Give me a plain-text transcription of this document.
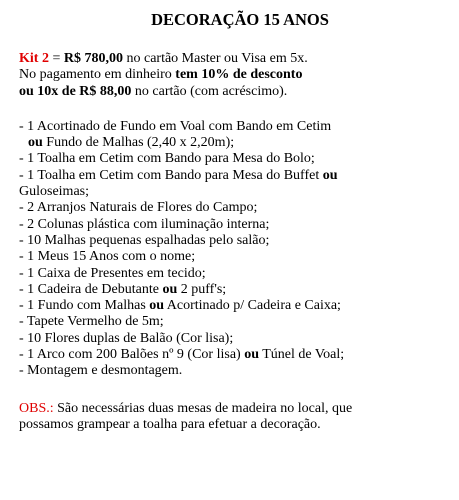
DECORAÇÃO 15 ANOS
Kit 2 = R$ 780,00 no cartão Master ou Visa em 5x.
No pagamento em dinheiro tem 10% de desconto
ou 10x de R$ 88,00 no cartão (com acréscimo).
- 1 Acortinado de Fundo em Voal com Bando em Cetim
ou Fundo de Malhas (2,40 x 2,20m);
- 1 Toalha em Cetim com Bando para Mesa do Bolo;
- 1 Toalha em Cetim com Bando para Mesa do Buffet ou
Guloseimas;
- 2 Arranjos Naturais de Flores do Campo;
- 2 Colunas plástica com iluminação interna;
- 10 Malhas pequenas espalhadas pelo salão;
- 1 Meus 15 Anos com o nome;
- 1 Caixa de Presentes em tecido;
- 1 Cadeira de Debutante ou 2 puff's;
- 1 Fundo com Malhas ou Acortinado p/ Cadeira e Caixa;
- Tapete Vermelho de 5m;
- 10 Flores duplas de Balão (Cor lisa);
- 1 Arco com 200 Balões nº 9 (Cor lisa) ou Túnel de Voal;
- Montagem e desmontagem.
OBS.: São necessárias duas mesas de madeira no local, que
possamos grampear a toalha para efetuar a decoração.
